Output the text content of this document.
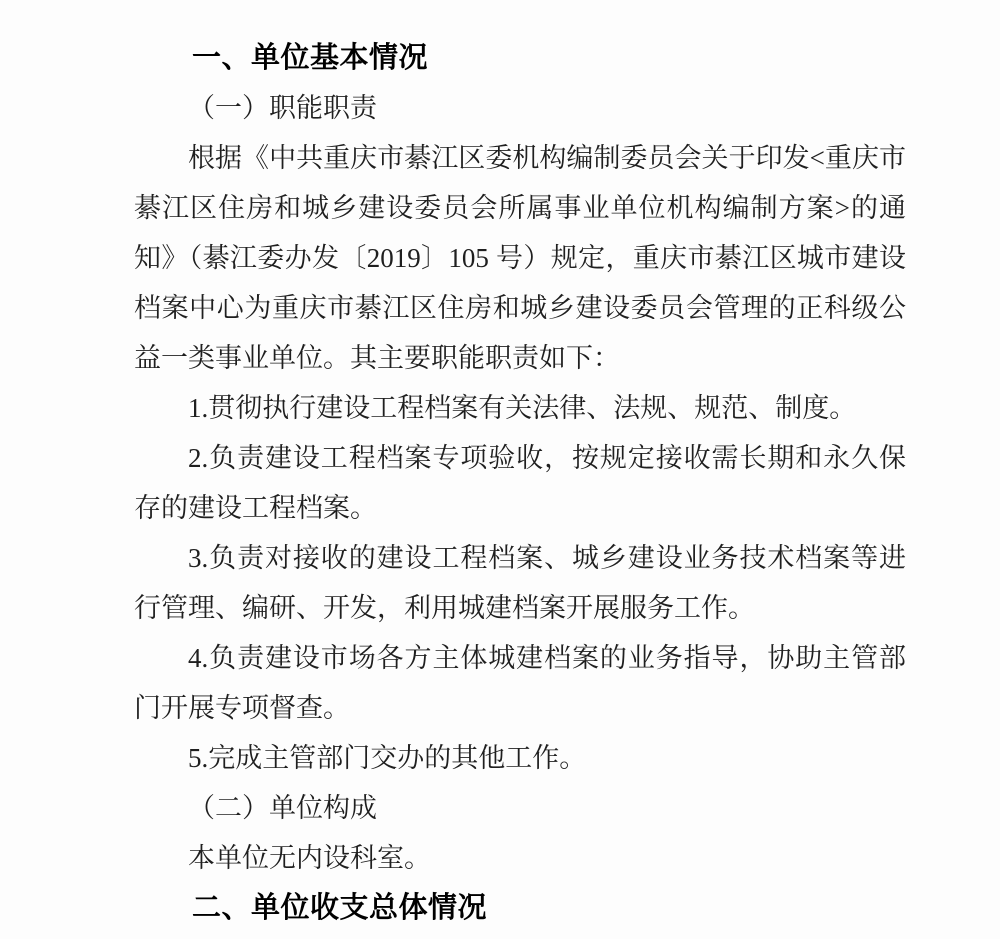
一、单位基本情况
（一）职能职责

根据《中共重庆市綦江区委机构编制委员会关于印发<重庆市綦江区住房和城乡建设委员会所属事业单位机构编制方案>的通知》（綦江委办发〔2019〕105 号）规定，重庆市綦江区城市建设档案中心为重庆市綦江区住房和城乡建设委员会管理的正科级公益一类事业单位。其主要职能职责如下：

1.贯彻执行建设工程档案有关法律、法规、规范、制度。

2.负责建设工程档案专项验收，按规定接收需长期和永久保存的建设工程档案。

3.负责对接收的建设工程档案、城乡建设业务技术档案等进行管理、编研、开发，利用城建档案开展服务工作。

4.负责建设市场各方主体城建档案的业务指导，协助主管部门开展专项督查。

5.完成主管部门交办的其他工作。

（二）单位构成

本单位无内设科室。

二、单位收支总体情况
